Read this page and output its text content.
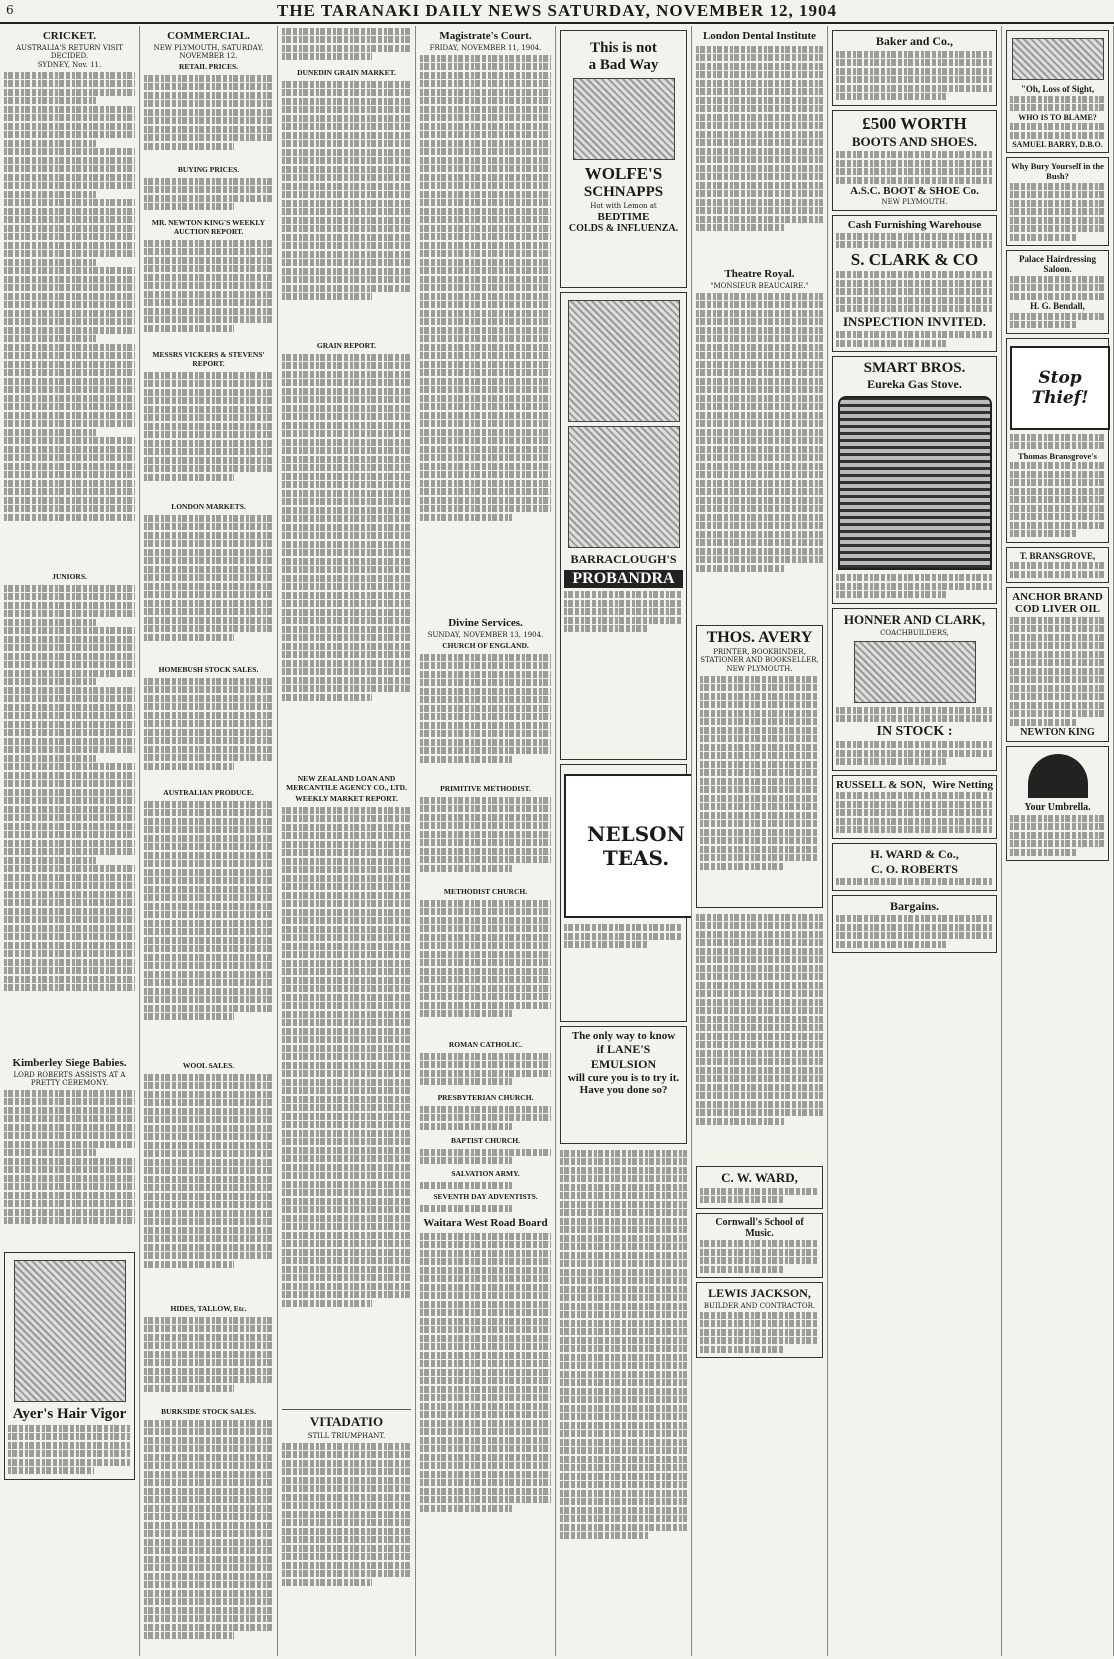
6	THE TARANAKI DAILY NEWS SATURDAY, NOVEMBER 12, 1904
CRICKET.
AUSTRALIA'S RETURN VISIT DECIDED.
SYDNEY, Nov. 11.
JUNIORS.
Kimberley Siege Babies.
LORD ROBERTS ASSISTS AT A PRETTY CEREMONY.
Ayer's Hair Vigor
COMMERCIAL.
NEW PLYMOUTH, SATURDAY, NOVEMBER 12.
RETAIL PRICES.
BUYING PRICES.
MR. NEWTON KING'S WEEKLY AUCTION REPORT.
MESSRS VICKERS & STEVENS' REPORT.
LONDON MARKETS.
HOMEBUSH STOCK SALES.
AUSTRALIAN PRODUCE.
WOOL SALES.
HIDES, TALLOW, Etc.
BURKSIDE STOCK SALES.
DUNEDIN GRAIN MARKET.
GRAIN REPORT.
NEW ZEALAND LOAN AND MERCANTILE AGENCY CO., LTD.
WEEKLY MARKET REPORT.
VITADATIO
STILL TRIUMPHANT.
Magistrate's Court.
FRIDAY, NOVEMBER 11, 1904.
Divine Services.
SUNDAY, NOVEMBER 13, 1904.
CHURCH OF ENGLAND.
PRIMITIVE METHODIST.
METHODIST CHURCH.
ROMAN CATHOLIC.
PRESBYTERIAN CHURCH.
BAPTIST CHURCH.
SALVATION ARMY.
SEVENTH DAY ADVENTISTS.
Waitara West Road Board
This is not
a Bad Way
WOLFE'S
SCHNAPPS
Hot with Lemon at
BEDTIME
COLDS & INFLUENZA.
BARRACLOUGH'S
PROBANDRA
NELSON TEAS.
The only way to know
if LANE'S EMULSION
will cure you is to try it.
Have you done so?
London Dental Institute
Theatre Royal.
"MONSIEUR BEAUCAIRE."
THOS. AVERY
PRINTER, BOOKBINDER, STATIONER AND BOOKSELLER,
NEW PLYMOUTH.
C. W. WARD,
Cornwall's School of Music.
LEWIS JACKSON,
BUILDER AND CONTRACTOR.
Baker and Co.,
£500 WORTH
BOOTS AND SHOES.
A.S.C. BOOT & SHOE Co.
NEW PLYMOUTH.
Cash Furnishing Warehouse
S. CLARK & CO
INSPECTION INVITED.
SMART BROS.
Eureka Gas Stove.
HONNER AND CLARK,
COACHBUILDERS,
IN STOCK :
RUSSELL & SON, Wire Netting
H. WARD & Co.,
C. O. ROBERTS
Bargains.
"Oh, Loss of Sight,
WHO IS TO BLAME?
SAMUEL BARRY, D.B.O.
Why Bury Yourself in the Bush?
Palace Hairdressing Saloon.
H. G. Bendall,
Stop Thief!
Thomas Bransgrove's
T. BRANSGROVE,
ANCHOR BRAND COD LIVER OIL
NEWTON KING
Your Umbrella.
